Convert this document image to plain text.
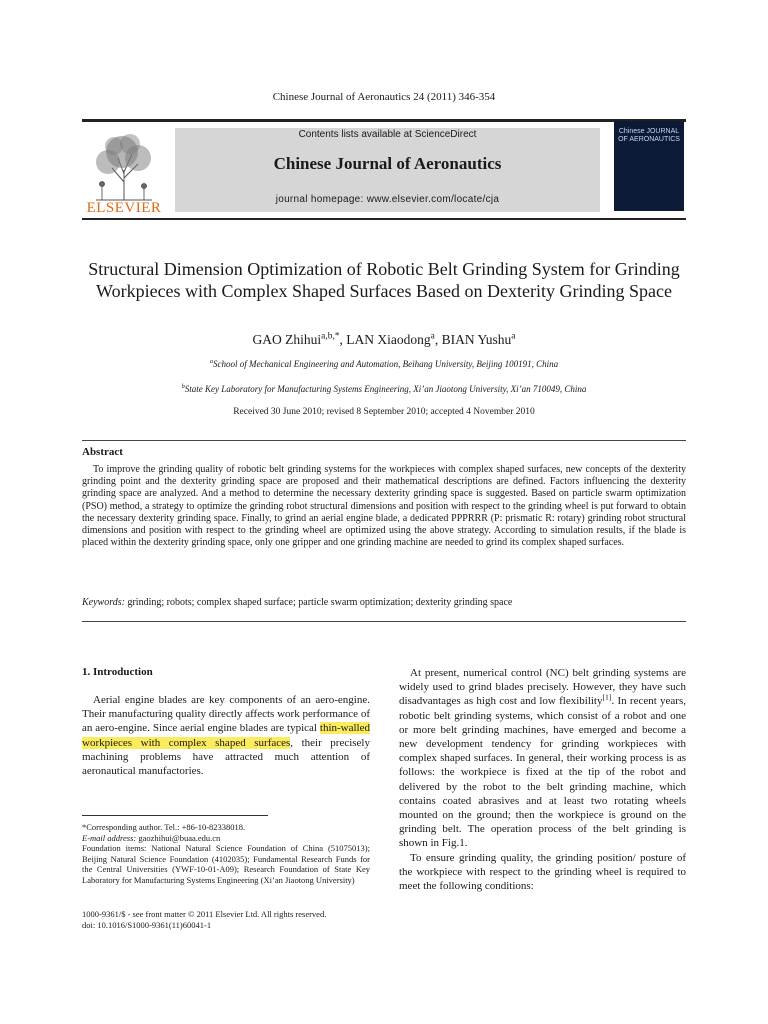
Chinese Journal of Aeronautics 24 (2011) 346-354
ELSEVIER
Contents lists available at ScienceDirect
Chinese Journal of Aeronautics
journal homepage: www.elsevier.com/locate/cja
Chinese JOURNAL OF AERONAUTICS
Structural Dimension Optimization of Robotic Belt Grinding System for Grinding Workpieces with Complex Shaped Surfaces Based on Dexterity Grinding Space
GAO Zhihui$^{a,b,*}$, LAN Xiaodong$^a$, BIAN Yushu$^a$
$^a$School of Mechanical Engineering and Automation, Beihang University, Beijing 100191, China
$^b$State Key Laboratory for Manufacturing Systems Engineering, Xi’an Jiaotong University, Xi’an 710049, China
Received 30 June 2010; revised 8 September 2010; accepted 4 November 2010
Abstract
To improve the grinding quality of robotic belt grinding systems for the workpieces with complex shaped surfaces, new concepts of the dexterity grinding point and the dexterity grinding space are proposed and their mathematical descriptions are defined. Factors influencing the dexterity grinding space are analyzed. And a method to determine the necessary dexterity grinding space is suggested. Based on particle swarm optimization (PSO) method, a strategy to optimize the grinding robot structural dimensions and position with respect to the grinding wheel is put forward to obtain the necessary dexterity grinding space. Finally, to grind an aerial engine blade, a dedicated PPPRRR (P: prismatic R: rotary) grinding robot structural dimensions and position with respect to the grinding wheel are optimized using the above strategy. According to simulation results, if the blade is placed within the dexterity grinding space, only one gripper and one grinding machine are needed to grind its complex shaped surfaces.
Keywords: grinding; robots; complex shaped surface; particle swarm optimization; dexterity grinding space
1. Introduction
Aerial engine blades are key components of an aero-engine. Their manufacturing quality directly affects work performance of an aero-engine. Since aerial engine blades are typical thin-walled workpieces with complex shaped surfaces, their precisely machining problems have attracted much attention of aeronautical manufactories.
At present, numerical control (NC) belt grinding systems are widely used to grind blades precisely. However, they have such disadvantages as high cost and low flexibility[1]. In recent years, robotic belt grinding systems, which consist of a robot and one or more belt grinding machines, have emerged and become a new development tendency for grinding workpieces with complex shaped surfaces. In general, their working process is as follows: the workpiece is fixed at the tip of the robot and delivered by the robot to the belt grinding machine, which contains coated abrasives and at least two rotating wheels mounted on the ground; then the workpiece is ground on the grinding belt. The operation process of the belt grinding is shown in Fig.1.
To ensure grinding quality, the grinding position/ posture of the workpiece with respect to the grinding wheel is required to meet the following conditions:
*Corresponding author. Tel.: +86-10-82338018.
E-mail address: gaozhihui@buaa.edu.cn
Foundation items: National Natural Science Foundation of China (51075013); Beijing Natural Science Foundation (4102035); Fundamental Research Funds for the Central Universities (YWF-10-01-A09); Research Foundation of State Key Laboratory for Manufacturing Systems Engineering (Xi’an Jiaotong University)
1000-9361/$ - see front matter © 2011 Elsevier Ltd. All rights reserved.
doi: 10.1016/S1000-9361(11)60041-1
